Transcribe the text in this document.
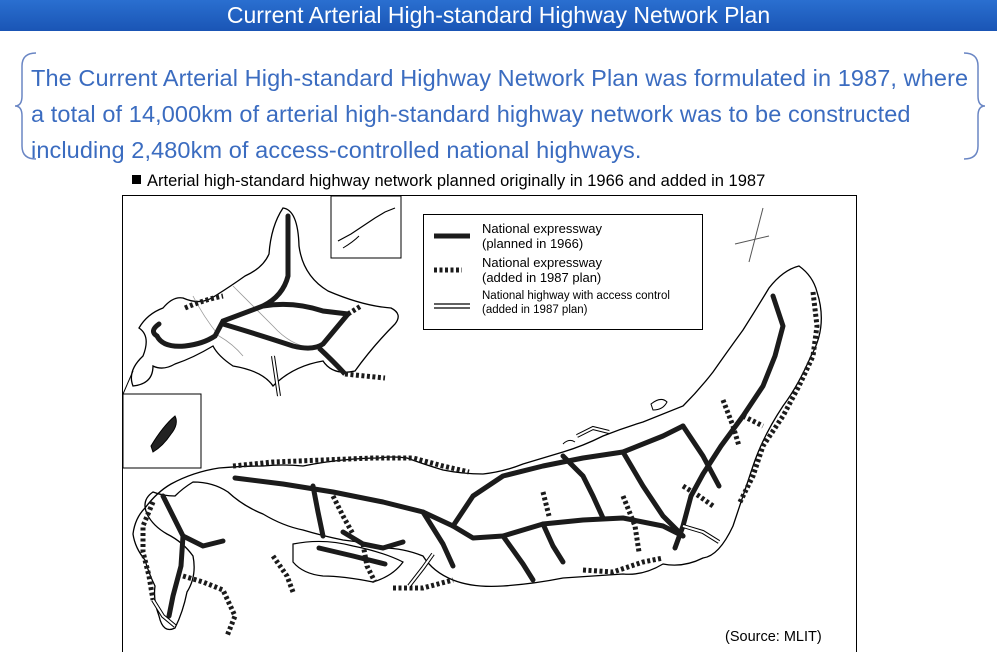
Current Arterial High-standard Highway Network Plan

The Current Arterial High-standard Highway Network Plan was formulated in 1987, where a total of 14,000km of arterial high-standard highway network was to be constructed including 2,480km of access-controlled national highways.

Arterial high-standard highway network planned originally in 1966 and added in 1987
National expressway
(planned in 1966)
National expressway
(added in 1987 plan)
National highway with access control
(added in 1987 plan)
(Source: MLIT)
